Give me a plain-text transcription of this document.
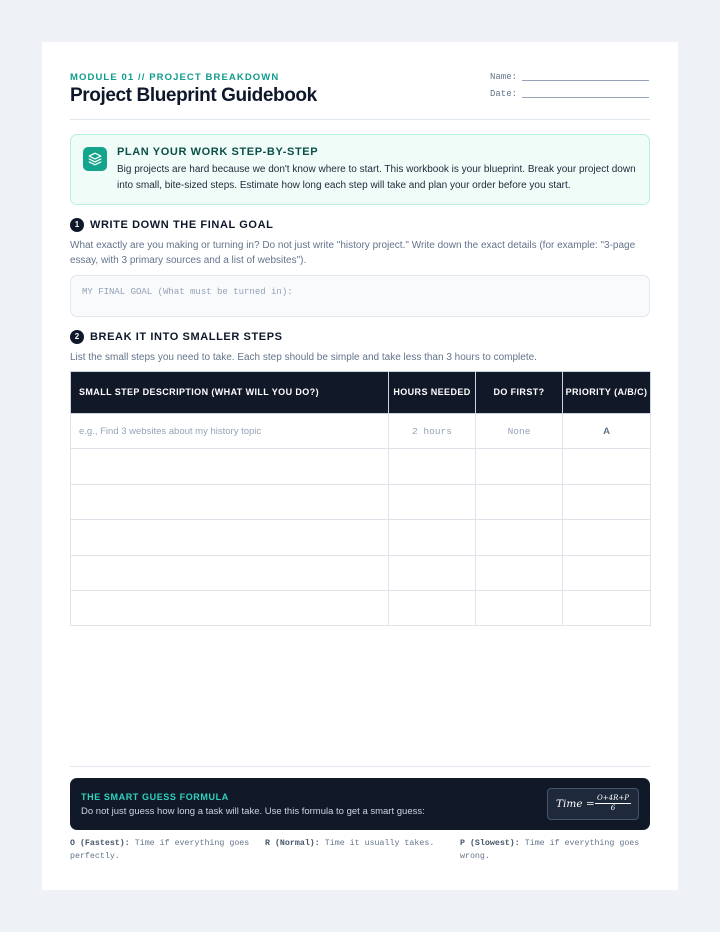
MODULE 01 // PROJECT BREAKDOWN
Project Blueprint Guidebook
Name:
Date:
PLAN YOUR WORK STEP-BY-STEP
Big projects are hard because we don't know where to start. This workbook is your blueprint. Break your project down into small, bite-sized steps. Estimate how long each step will take and plan your order before you start.
1 WRITE DOWN THE FINAL GOAL
What exactly are you making or turning in? Do not just write "history project." Write down the exact details (for example: "3-page essay, with 3 primary sources and a list of websites").
MY FINAL GOAL (What must be turned in):
2 BREAK IT INTO SMALLER STEPS
List the small steps you need to take. Each step should be simple and take less than 3 hours to complete.
SMALL STEP DESCRIPTION (WHAT WILL YOU DO?)	HOURS NEEDED	DO FIRST?	PRIORITY (A/B/C)
e.g., Find 3 websites about my history topic	2 hours	None	A

THE SMART GUESS FORMULA
Do not just guess how long a task will take. Use this formula to get a smart guess:
Time = $\frac{O+4R+P}{6}$
O (Fastest): Time if everything goes perfectly.
R (Normal): Time it usually takes.	P (Slowest): Time if everything goes wrong.
